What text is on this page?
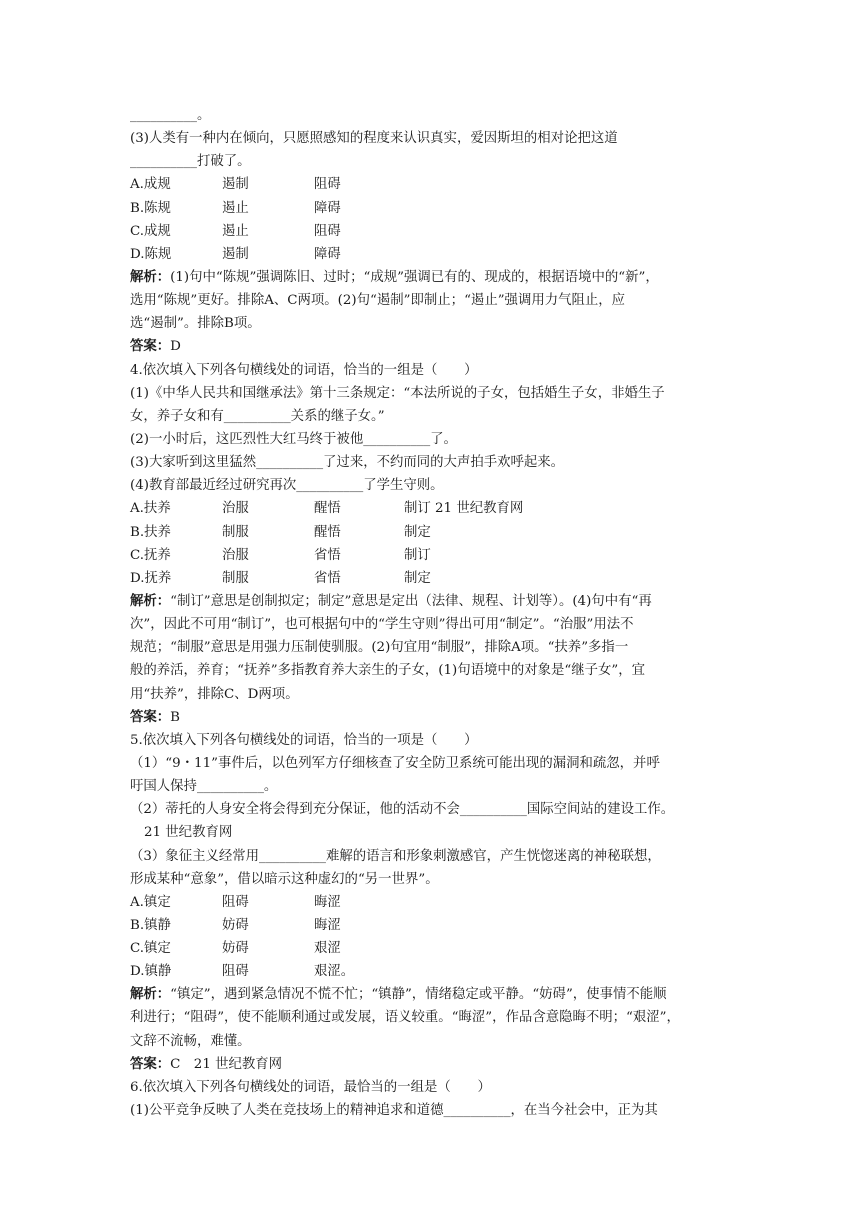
__________。
(3)人类有一种内在倾向，只愿照感知的程度来认识真实，爱因斯坦的相对论把这道
__________打破了。
A.成规	遏制	阻碍
B.陈规	遏止	障碍
C.成规	遏止	阻碍
D.陈规	遏制	障碍
解析：(1)句中“陈规”强调陈旧、过时；“成规”强调已有的、现成的，根据语境中的“新”，
选用“陈规”更好。排除A、C两项。(2)句“遏制”即制止；“遏止”强调用力气阻止，应
选“遏制”。排除B项。
答案：D
4.依次填入下列各句横线处的词语，恰当的一组是（　　）
(1)《中华人民共和国继承法》第十三条规定：“本法所说的子女，包括婚生子女，非婚生子
女，养子女和有__________关系的继子女。”
(2)一小时后，这匹烈性大红马终于被他__________了。
(3)大家听到这里猛然__________了过来，不约而同的大声拍手欢呼起来。
(4)教育部最近经过研究再次__________了学生守则。
A.扶养	治服	醒悟	制订 21 世纪教育网
B.扶养	制服	醒悟	制定
C.抚养	治服	省悟	制订
D.抚养	制服	省悟	制定
解析：“制订”意思是创制拟定；制定”意思是定出（法律、规程、计划等）。(4)句中有“再
次”，因此不可用“制订”，也可根据句中的“学生守则”得出可用“制定”。“治服”用法不
规范；“制服”意思是用强力压制使驯服。(2)句宜用“制服”，排除A项。“扶养”多指一
般的养活，养育；“抚养”多指教育养大亲生的子女，(1)句语境中的对象是“继子女”，宜
用“扶养”，排除C、D两项。
答案：B
5.依次填入下列各句横线处的词语，恰当的一项是（　　）
（1）“9・11”事件后，以色列军方仔细核查了安全防卫系统可能出现的漏洞和疏忽，并呼
吁国人保持__________。
（2）蒂托的人身安全将会得到充分保证，他的活动不会__________国际空间站的建设工作。
21 世纪教育网
（3）象征主义经常用__________难解的语言和形象刺激感官，产生恍惚迷离的神秘联想，
形成某种“意象”，借以暗示这种虚幻的“另一世界”。
A.镇定	阻碍	晦涩
B.镇静	妨碍	晦涩
C.镇定	妨碍	艰涩
D.镇静	阻碍	艰涩。
解析：“镇定”，遇到紧急情况不慌不忙；“镇静”，情绪稳定或平静。“妨碍”，使事情不能顺
利进行；“阻碍”，使不能顺利通过或发展，语义较重。“晦涩”，作品含意隐晦不明；“艰涩”，
文辞不流畅，难懂。
答案：C　21 世纪教育网
6.依次填入下列各句横线处的词语，最恰当的一组是（　　）
(1)公平竞争反映了人类在竞技场上的精神追求和道德__________，在当今社会中，正为其
